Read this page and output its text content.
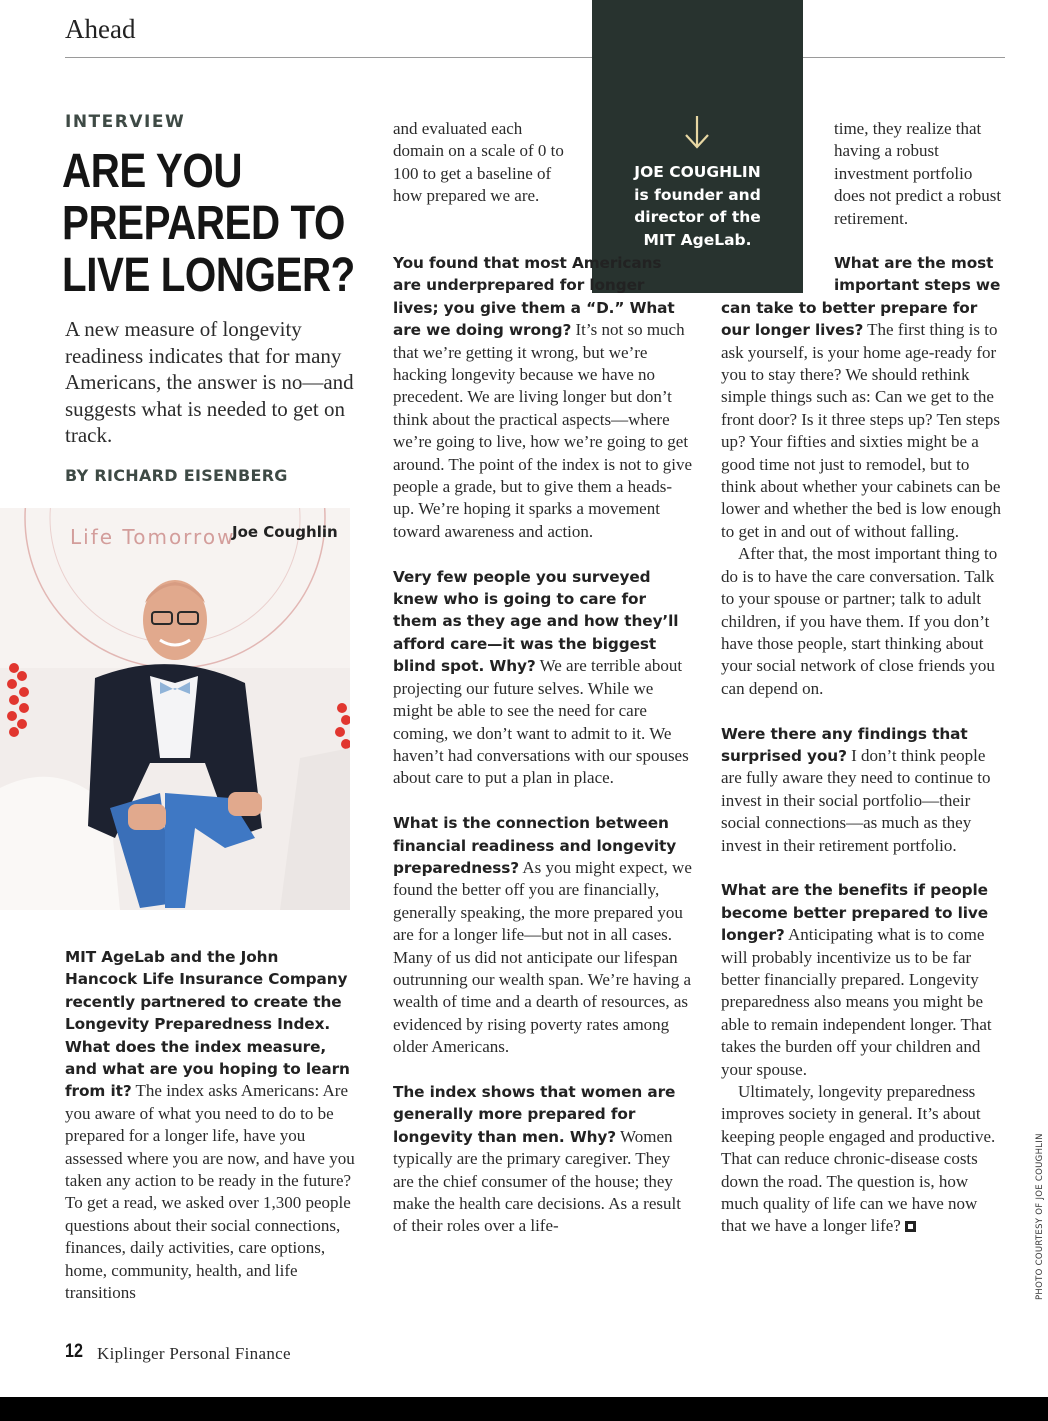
Ahead
INTERVIEW
ARE YOU
PREPARED TO
LIVE LONGER?
A new measure of longevity readiness indicates that for many Americans, the answer is no—and suggests what is needed to get on track.
BY RICHARD EISENBERG
Life Tomorrow
Joe Coughlin
JOE COUGHLIN
is founder and
director of the
MIT AgeLab.

MIT AgeLab and the John Hancock Life Insurance Company recently partnered to create the Longevity Preparedness Index. What does the index measure, and what are you hoping to learn from it? The index asks Americans: Are you aware of what you need to do to be prepared for a longer life, have you assessed where you are now, and have you taken any action to be ready in the future? To get a read, we asked over 1,300 people questions about their social connections, finances, daily activities, care options, home, community, health, and life transitions

and evaluated each domain on a scale of 0 to 100 to get a baseline of how prepared we are.

You found that most Americans are underprepared for longer lives; you give them a “D.” What are we doing wrong? It’s not so much that we’re getting it wrong, but we’re hacking longevity because we have no precedent. We are living longer but don’t think about the practical aspects—where we’re going to live, how we’re going to get around. The point of the index is not to give people a grade, but to give them a heads-up. We’re hoping it sparks a movement toward awareness and action.

Very few people you surveyed knew who is going to care for them as they age and how they’ll afford care—it was the biggest blind spot. Why? We are terrible about projecting our future selves. While we might be able to see the need for care coming, we don’t want to admit to it. We haven’t had conversations with our spouses about care to put a plan in place.

What is the connection between financial readiness and longevity preparedness? As you might expect, we found the better off you are financially, generally speaking, the more prepared you are for a longer life—but not in all cases. Many of us did not anticipate our lifespan outrunning our wealth span. We’re having a wealth of time and a dearth of resources, as evidenced by rising poverty rates among older Americans.

The index shows that women are generally more prepared for longevity than men. Why? Women typically are the primary caregiver. They are the chief consumer of the house; they make the health care decisions. As a result of their roles over a life-

time, they realize that having a robust investment portfolio does not predict a robust retirement.

What are the most important steps we can take to better prepare for our longer lives? The first thing is to ask yourself, is your home age-ready for you to stay there? We should rethink simple things such as: Can we get to the front door? Is it three steps up? Ten steps up? Your fifties and sixties might be a good time not just to remodel, but to think about whether your cabinets can be lower and whether the bed is low enough to get in and out of without falling.

After that, the most important thing to do is to have the care conversation. Talk to your spouse or partner; talk to adult children, if you have them. If you don’t have those people, start thinking about your social network of close friends you can depend on.

Were there any findings that surprised you? I don’t think people are fully aware they need to continue to invest in their social portfolio—their social connections—as much as they invest in their retirement portfolio.

What are the benefits if people become better prepared to live longer? Anticipating what is to come will probably incentivize us to be far better financially prepared. Longevity preparedness also means you might be able to remain independent longer. That takes the burden off your children and your spouse.

Ultimately, longevity preparedness improves society in general. It’s about keeping people engaged and productive. That can reduce chronic-disease costs down the road. The question is, how much quality of life can we have now that we have a longer life?

12 Kiplinger Personal Finance
PHOTO COURTESY OF JOE COUGHLIN
